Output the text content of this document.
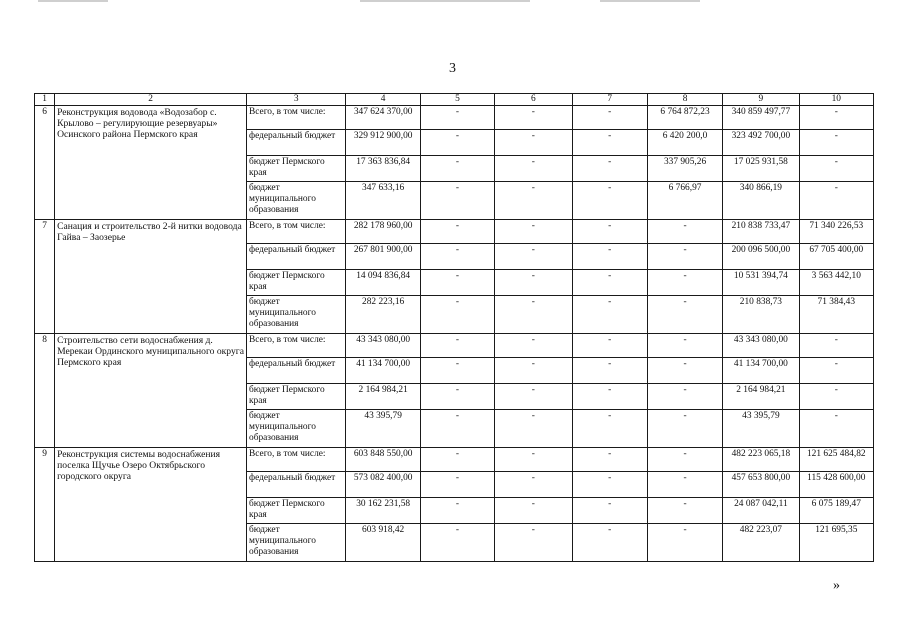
3
1	2	3	4	5	6	7	8	9	10
6	Реконструкция водовода «Водозабор с. Крылово – регулирующие резервуары» Осинского района Пермского края	Всего, в том числе:	347 624 370,00	-	-	-	6 764 872,23	340 859 497,77	-
		федеральный бюджет	329 912 900,00	-	-	-	6 420 200,0	323 492 700,00	-
		бюджет Пермского края	17 363 836,84	-	-	-	337 905,26	17 025 931,58	-
		бюджет муниципального образования	347 633,16	-	-	-	6 766,97	340 866,19	-
7	Санация и строительство 2-й нитки водовода Гайва – Заозерье	Всего, в том числе:	282 178 960,00	-	-	-	-	210 838 733,47	71 340 226,53
		федеральный бюджет	267 801 900,00	-	-	-	-	200 096 500,00	67 705 400,00
		бюджет Пермского края	14 094 836,84	-	-	-	-	10 531 394,74	3 563 442,10
		бюджет муниципального образования	282 223,16	-	-	-	-	210 838,73	71 384,43
8	Строительство сети водоснабжения д. Мерекаи Ординского муниципального округа Пермского края	Всего, в том числе:	43 343 080,00	-	-	-	-	43 343 080,00	-
		федеральный бюджет	41 134 700,00	-	-	-	-	41 134 700,00	-
		бюджет Пермского края	2 164 984,21	-	-	-	-	2 164 984,21	-
		бюджет муниципального образования	43 395,79	-	-	-	-	43 395,79	-
9	Реконструкция системы водоснабжения поселка Щучье Озеро Октябрьского городского округа	Всего, в том числе:	603 848 550,00	-	-	-	-	482 223 065,18	121 625 484,82
		федеральный бюджет	573 082 400,00	-	-	-	-	457 653 800,00	115 428 600,00
		бюджет Пермского края	30 162 231,58	-	-	-	-	24 087 042,11	6 075 189,47
		бюджет муниципального образования	603 918,42	-	-	-	-	482 223,07	121 695,35
»
